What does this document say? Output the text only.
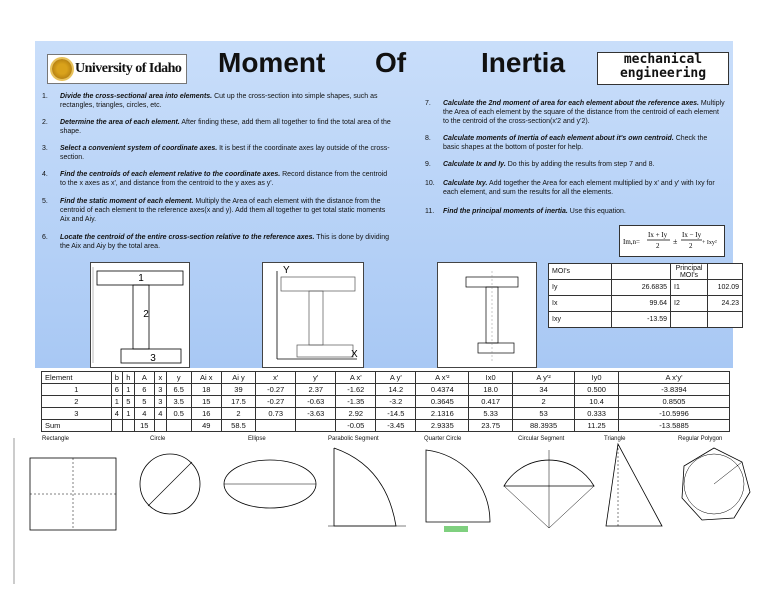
University of Idaho Moment Of	Inertia	mechanical
engineering
1. Divide the cross-sectional area into elements. Cut up the cross-section into simple shapes, such as rectangles, triangles, circles, etc.
2. Determine the area of each element. After finding these, add them all together to find the total area of the shape.
3. Select a convenient system of coordinate axes. It is best if the coordinate axes lay outside of the cross-section.
4. Find the centroids of each element relative to the coordinate axes. Record distance from the centroid to the x axes as x', and distance from the centroid to the y axes as y'.
5. Find the static moment of each element. Multiply the Area of each element with the distance from the centroid of each element to the reference axes(x and y). Add them all together to get total static moments Aix and Aiy.
6. Locate the centroid of the entire cross-section relative to the reference axes. This is done by dividing the Aix and Aiy by the total area.
7. Calculate the 2nd moment of area for each element about the reference axes. Multiply the Area of each element by the square of the distance from the centroid of each element to the centroid of the cross-section(x'2 and y'2).
8. Calculate moments of Inertia of each element about it's own centroid. Check the basic shapes at the bottom of poster for help.
9. Calculate Ix and Iy. Do this by adding the results from step 7 and 8.
10. Calculate Ixy. Add together the Area for each element multiplied by x' and y' with Ixy for each element, and sum the results for all the elements.
11. Find the principal moments of inertia. Use this equation.
Im,n=
Ix + Iy
2 ±
Ix − Iy
2 + Ixy²
1
2
3
Y
X
MOI's		Principal MOI's	
Iy	26.6835	I1	102.09
Ix	99.64	I2	24.23
Ixy	-13.59		
Element	b	h	A	x	y	Ai x	Ai y	x'	y'	A x'	A y'	A x'²	Ix0	A y'²	Iy0	A x'y'
1	6	1	6	3	6.5	18	39	-0.27	2.37	-1.62	14.2	0.4374	18.0	34	0.500	-3.8394
2	1	5	5	3	3.5	15	17.5	-0.27	-0.63	-1.35	-3.2	0.3645	0.417	2	10.4	0.8505
3	4	1	4	4	0.5	16	2	0.73	-3.63	2.92	-14.5	2.1316	5.33	53	0.333	-10.5996
Sum			15			49	58.5			-0.05	-3.45	2.9335	23.75	88.3935	11.25	-13.5885
Rectangle	Circle	Ellipse	Parabolic Segment	Quarter Circle	Circular Segment	Triangle	Regular Polygon
